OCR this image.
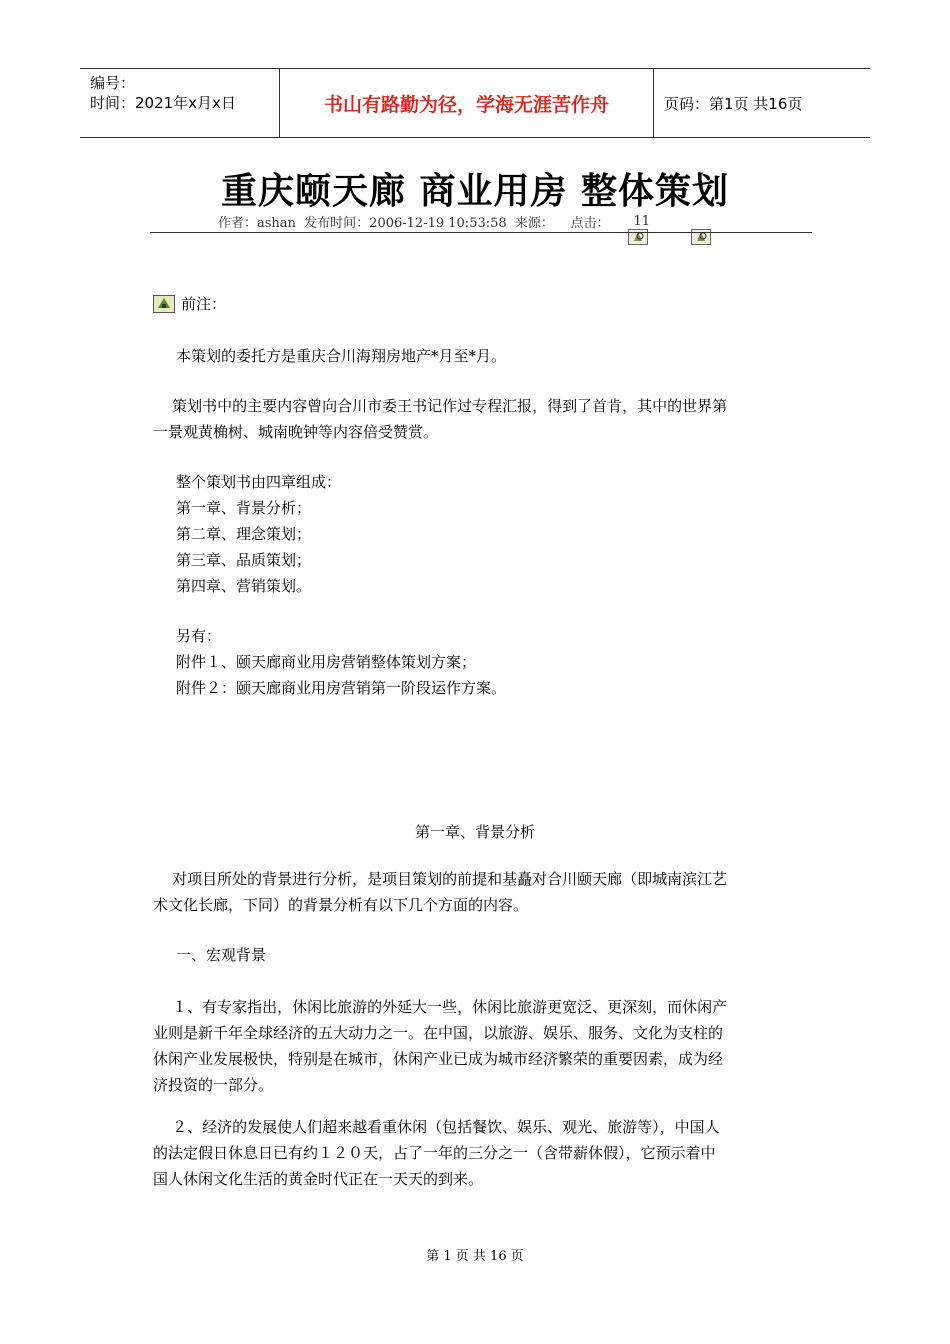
编号：
时间：2021年x月x日	书山有路勤为径，学海无涯苦作舟	页码：第1页 共16页
重庆颐天廊 商业用房 整体策划
作者：ashan  发布时间：2006-12-19 10:53:58  来源：    点击：

11

前注：
本策划的委托方是重庆合川海翔房地产*月至*月。
策划书中的主要内容曾向合川市委王书记作过专程汇报，得到了首肯，其中的世界第
一景观黄桷树、城南晚钟等内容倍受赞赏。
整个策划书由四章组成：
第一章、背景分析；
第二章、理念策划；
第三章、品质策划；
第四章、营销策划。
另有：
附件１、颐天廊商业用房营销整体策划方案；
附件２：颐天廊商业用房营销第一阶段运作方案。
第一章、背景分析
对项目所处的背景进行分析，是项目策划的前提和基矗对合川颐天廊（即城南滨江艺
术文化长廊，下同）的背景分析有以下几个方面的内容。
一、宏观背景
１、有专家指出，休闲比旅游的外延大一些，休闲比旅游更宽泛、更深刻，而休闲产
业则是新千年全球经济的五大动力之一。在中国，以旅游、娱乐、服务、文化为支柱的
休闲产业发展极快，特别是在城市，休闲产业已成为城市经济繁荣的重要因素，成为经
济投资的一部分。
２、经济的发展使人们超来越看重休闲（包括餐饮、娱乐、观光、旅游等），中国人
的法定假日休息日已有约１２０天，占了一年的三分之一（含带薪休假），它预示着中
国人休闲文化生活的黄金时代正在一天天的到来。
第 1 页 共 16 页
